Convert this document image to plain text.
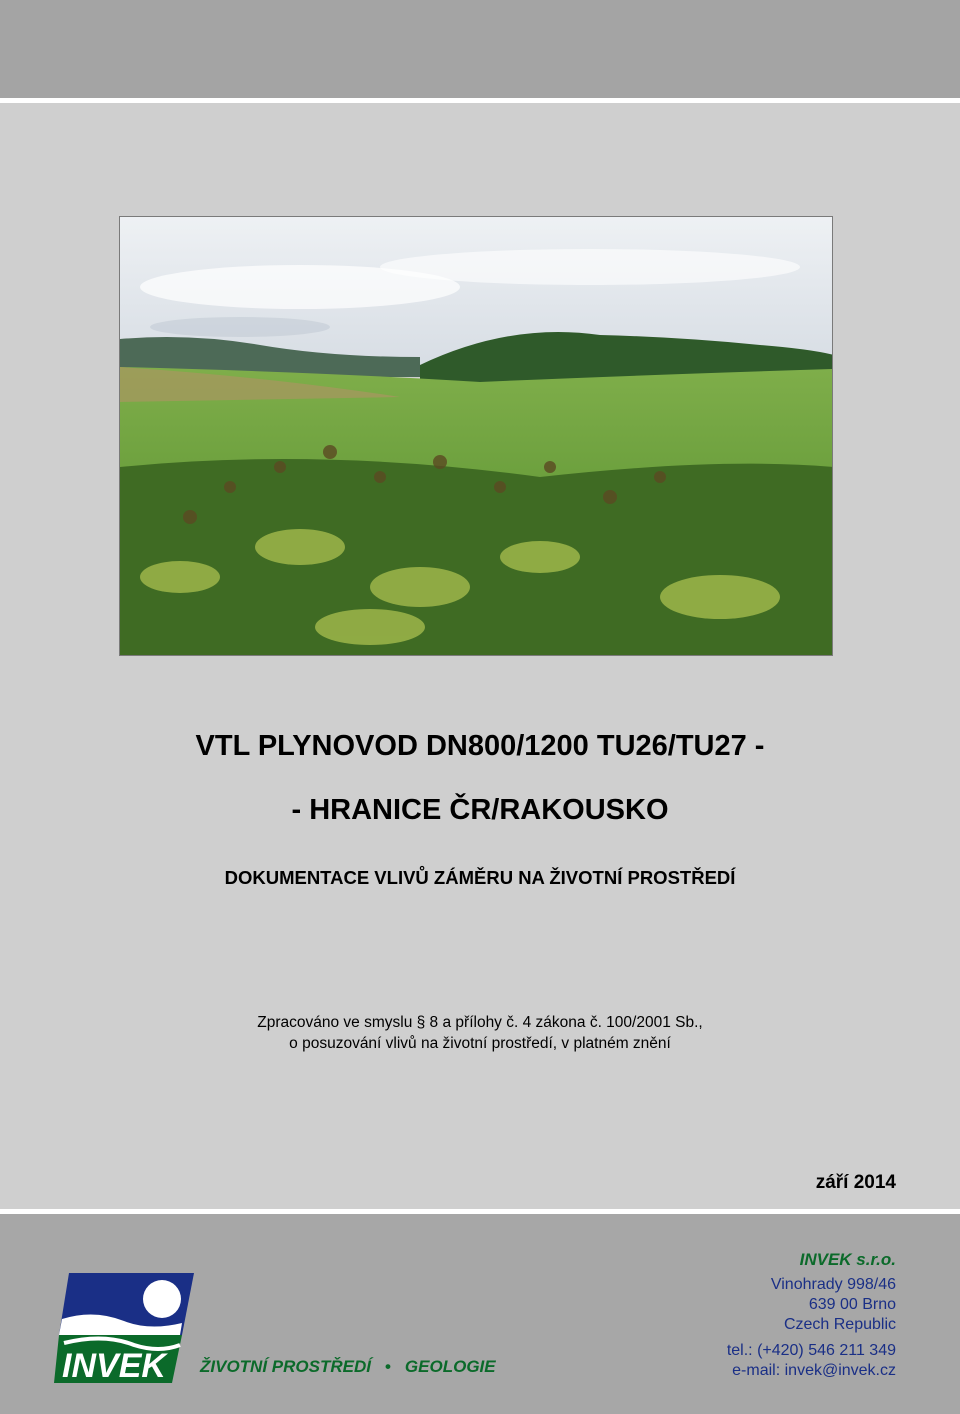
VTL PLYNOVOD DN800/1200 TU26/TU27 -
- HRANICE ČR/RAKOUSKO
DOKUMENTACE VLIVŮ ZÁMĚRU NA ŽIVOTNÍ PROSTŘEDÍ
Zpracováno ve smyslu § 8 a přílohy č. 4 zákona č. 100/2001 Sb.,
o posuzování vlivů na životní prostředí, v platném znění
září 2014
INVEK ŽIVOTNÍ PROSTŘEDÍ • GEOLOGIE
INVEK s.r.o.
Vinohrady 998/46
639 00 Brno
Czech Republic
tel.: (+420) 546 211 349
e-mail: invek@invek.cz
